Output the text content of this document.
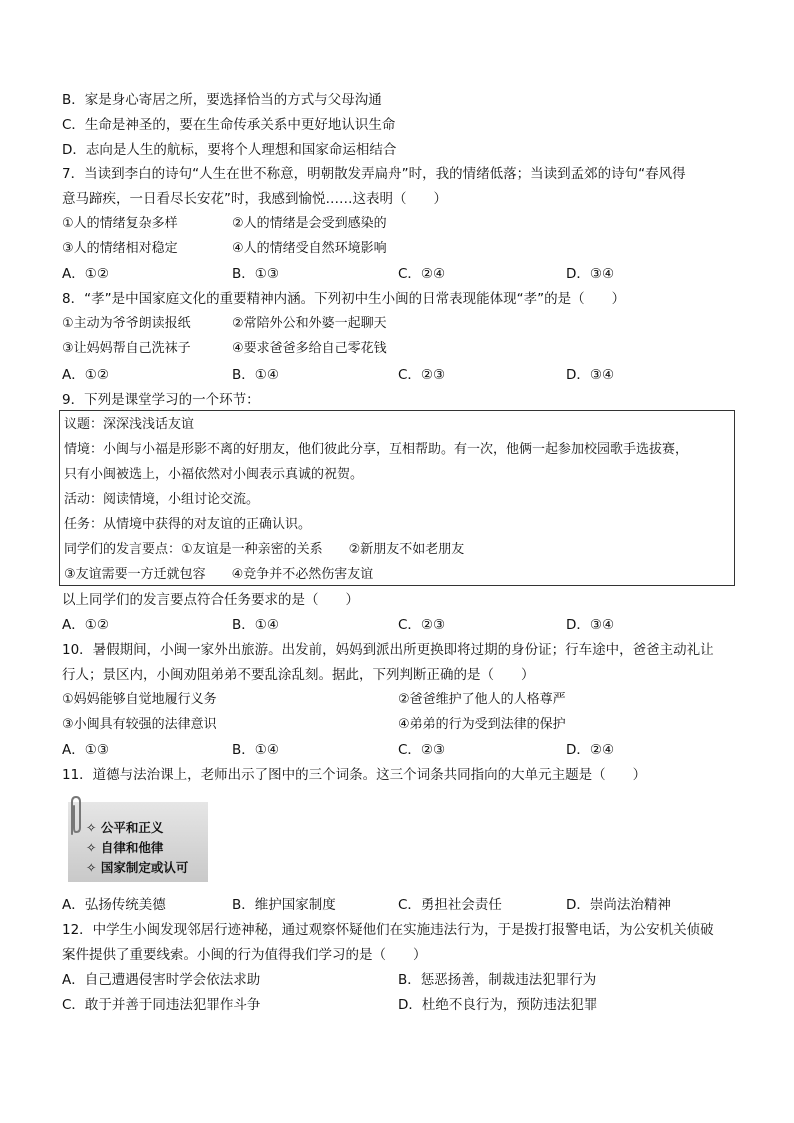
B．家是身心寄居之所，要选择恰当的方式与父母沟通
C．生命是神圣的，要在生命传承关系中更好地认识生命
D．志向是人生的航标，要将个人理想和国家命运相结合
7．当读到李白的诗句“人生在世不称意，明朝散发弄扁舟”时，我的情绪低落；当读到孟郊的诗句“春风得
意马蹄疾，一日看尽长安花”时，我感到愉悦……这表明（　　）
①人的情绪复杂多样	②人的情绪是会受到感染的
③人的情绪相对稳定	④人的情绪受自然环境影响
A．①②	B．①③	C．②④	D．③④
8．“孝”是中国家庭文化的重要精神内涵。下列初中生小闽的日常表现能体现“孝”的是（　　）
①主动为爷爷朗读报纸	②常陪外公和外婆一起聊天
③让妈妈帮自己洗袜子	④要求爸爸多给自己零花钱
A．①②	B．①④	C．②③	D．③④
9．下列是课堂学习的一个环节：
议题：深深浅浅话友谊
情境：小闽与小福是形影不离的好朋友，他们彼此分享，互相帮助。有一次，他俩一起参加校园歌手选拔赛，
只有小闽被选上，小福依然对小闽表示真诚的祝贺。
活动：阅读情境，小组讨论交流。
任务：从情境中获得的对友谊的正确认识。
同学们的发言要点：①友谊是一种亲密的关系　　②新朋友不如老朋友
③友谊需要一方迁就包容　　④竞争并不必然伤害友谊
以上同学们的发言要点符合任务要求的是（　　）
A．①②	B．①④	C．②③	D．③④
10．暑假期间，小闽一家外出旅游。出发前，妈妈到派出所更换即将过期的身份证；行车途中，爸爸主动礼让
行人；景区内，小闽劝阻弟弟不要乱涂乱刻。据此，下列判断正确的是（　　）
①妈妈能够自觉地履行义务	②爸爸维护了他人的人格尊严
③小闽具有较强的法律意识	④弟弟的行为受到法律的保护
A．①③	B．①④	C．②③	D．②④
11．道德与法治课上，老师出示了图中的三个词条。这三个词条共同指向的大单元主题是（　　）
✧ 公平和正义
✧ 自律和他律
✧ 国家制定或认可
A．弘扬传统美德	B．维护国家制度	C．勇担社会责任	D．崇尚法治精神
12．中学生小闽发现邻居行迹神秘，通过观察怀疑他们在实施违法行为，于是拨打报警电话，为公安机关侦破
案件提供了重要线索。小闽的行为值得我们学习的是（　　）
A．自己遭遇侵害时学会依法求助	B．惩恶扬善，制裁违法犯罪行为
C．敢于并善于同违法犯罪作斗争	D．杜绝不良行为，预防违法犯罪
